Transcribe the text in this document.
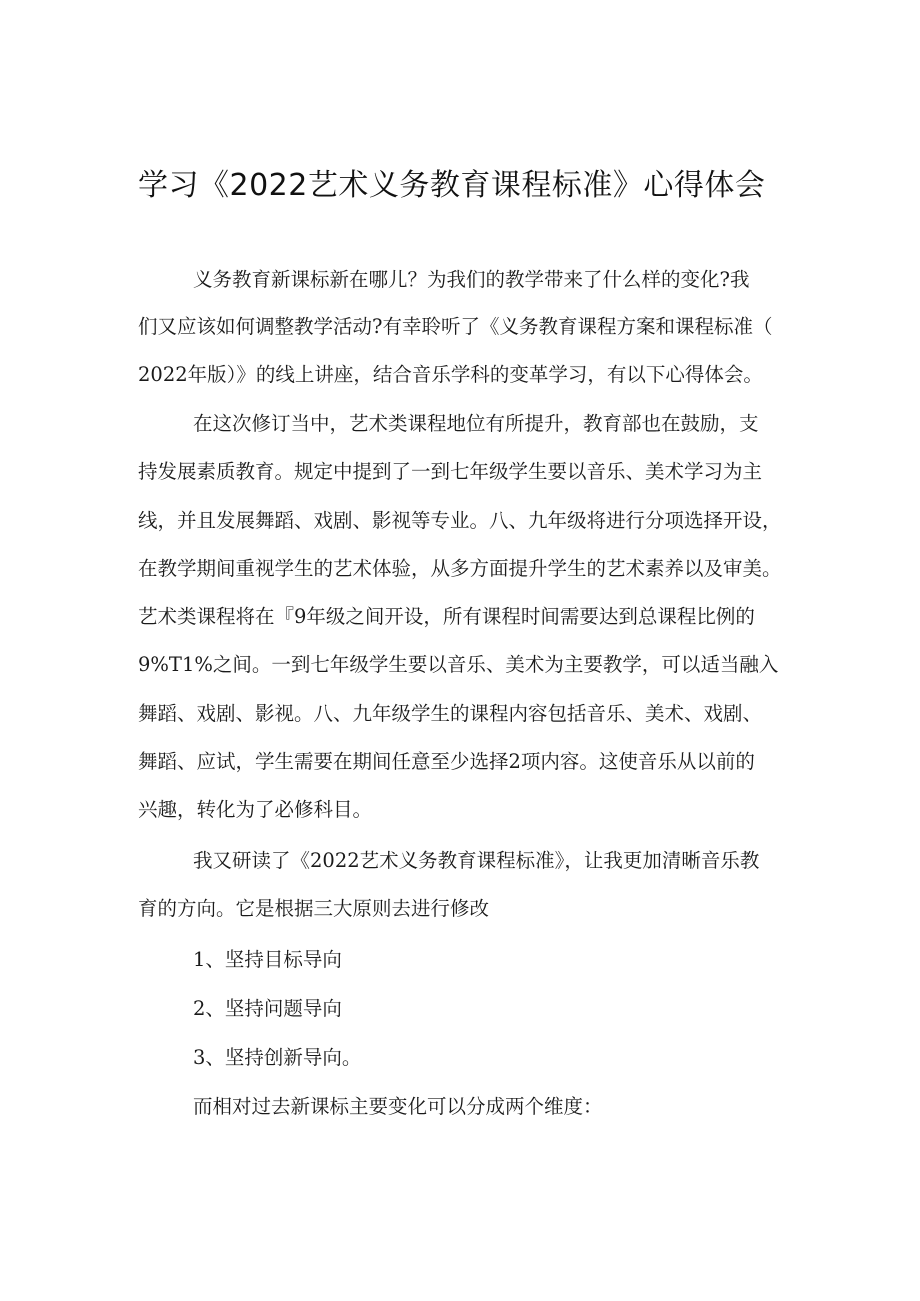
学习《2022艺术义务教育课程标准》心得体会
义务教育新课标新在哪儿？为我们的教学带来了什么样的变化?我
们又应该如何调整教学活动?有幸聆听了《义务教育课程方案和课程标准（
2022年版）》的线上讲座，结合音乐学科的变革学习，有以下心得体会。
在这次修订当中，艺术类课程地位有所提升，教育部也在鼓励，支
持发展素质教育。规定中提到了一到七年级学生要以音乐、美术学习为主
线，并且发展舞蹈、戏剧、影视等专业。八、九年级将进行分项选择开设，
在教学期间重视学生的艺术体验，从多方面提升学生的艺术素养以及审美。
艺术类课程将在『9年级之间开设，所有课程时间需要达到总课程比例的
9%T1%之间。一到七年级学生要以音乐、美术为主要教学，可以适当融入
舞蹈、戏剧、影视。八、九年级学生的课程内容包括音乐、美术、戏剧、
舞蹈、应试，学生需要在期间任意至少选择2项内容。这使音乐从以前的
兴趣，转化为了必修科目。
我又研读了《2022艺术义务教育课程标准》，让我更加清晰音乐教
育的方向。它是根据三大原则去进行修改
1、坚持目标导向
2、坚持问题导向
3、坚持创新导向。
而相对过去新课标主要变化可以分成两个维度：
